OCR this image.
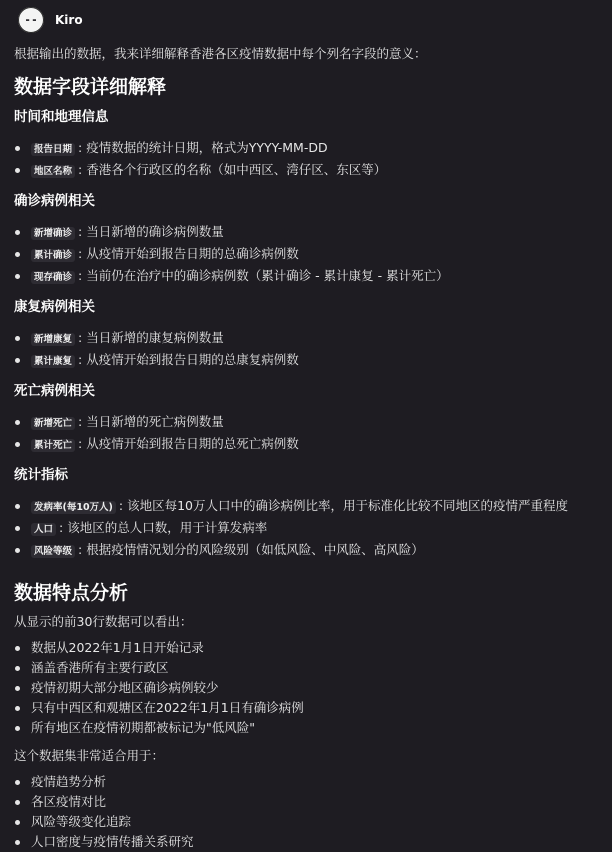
Kiro

根据输出的数据，我来详细解释香港各区疫情数据中每个列名字段的意义：

数据字段详细解释
时间和地理信息
报告日期 : 疫情数据的统计日期，格式为YYYY-MM-DD
地区名称 : 香港各个行政区的名称（如中西区、湾仔区、东区等）
确诊病例相关
新增确诊 : 当日新增的确诊病例数量
累计确诊 : 从疫情开始到报告日期的总确诊病例数
现存确诊 : 当前仍在治疗中的确诊病例数（累计确诊 - 累计康复 - 累计死亡）
康复病例相关
新增康复 : 当日新增的康复病例数量
累计康复 : 从疫情开始到报告日期的总康复病例数
死亡病例相关
新增死亡 : 当日新增的死亡病例数量
累计死亡 : 从疫情开始到报告日期的总死亡病例数
统计指标
发病率(每10万人) : 该地区每10万人口中的确诊病例比率，用于标准化比较不同地区的疫情严重程度
人口 : 该地区的总人口数，用于计算发病率
风险等级 : 根据疫情情况划分的风险级别（如低风险、中风险、高风险）
数据特点分析

从显示的前30行数据可以看出：

数据从2022年1月1日开始记录
涵盖香港所有主要行政区
疫情初期大部分地区确诊病例较少
只有中西区和观塘区在2022年1月1日有确诊病例
所有地区在疫情初期都被标记为"低风险"

这个数据集非常适合用于：

疫情趋势分析
各区疫情对比
风险等级变化追踪
人口密度与疫情传播关系研究
